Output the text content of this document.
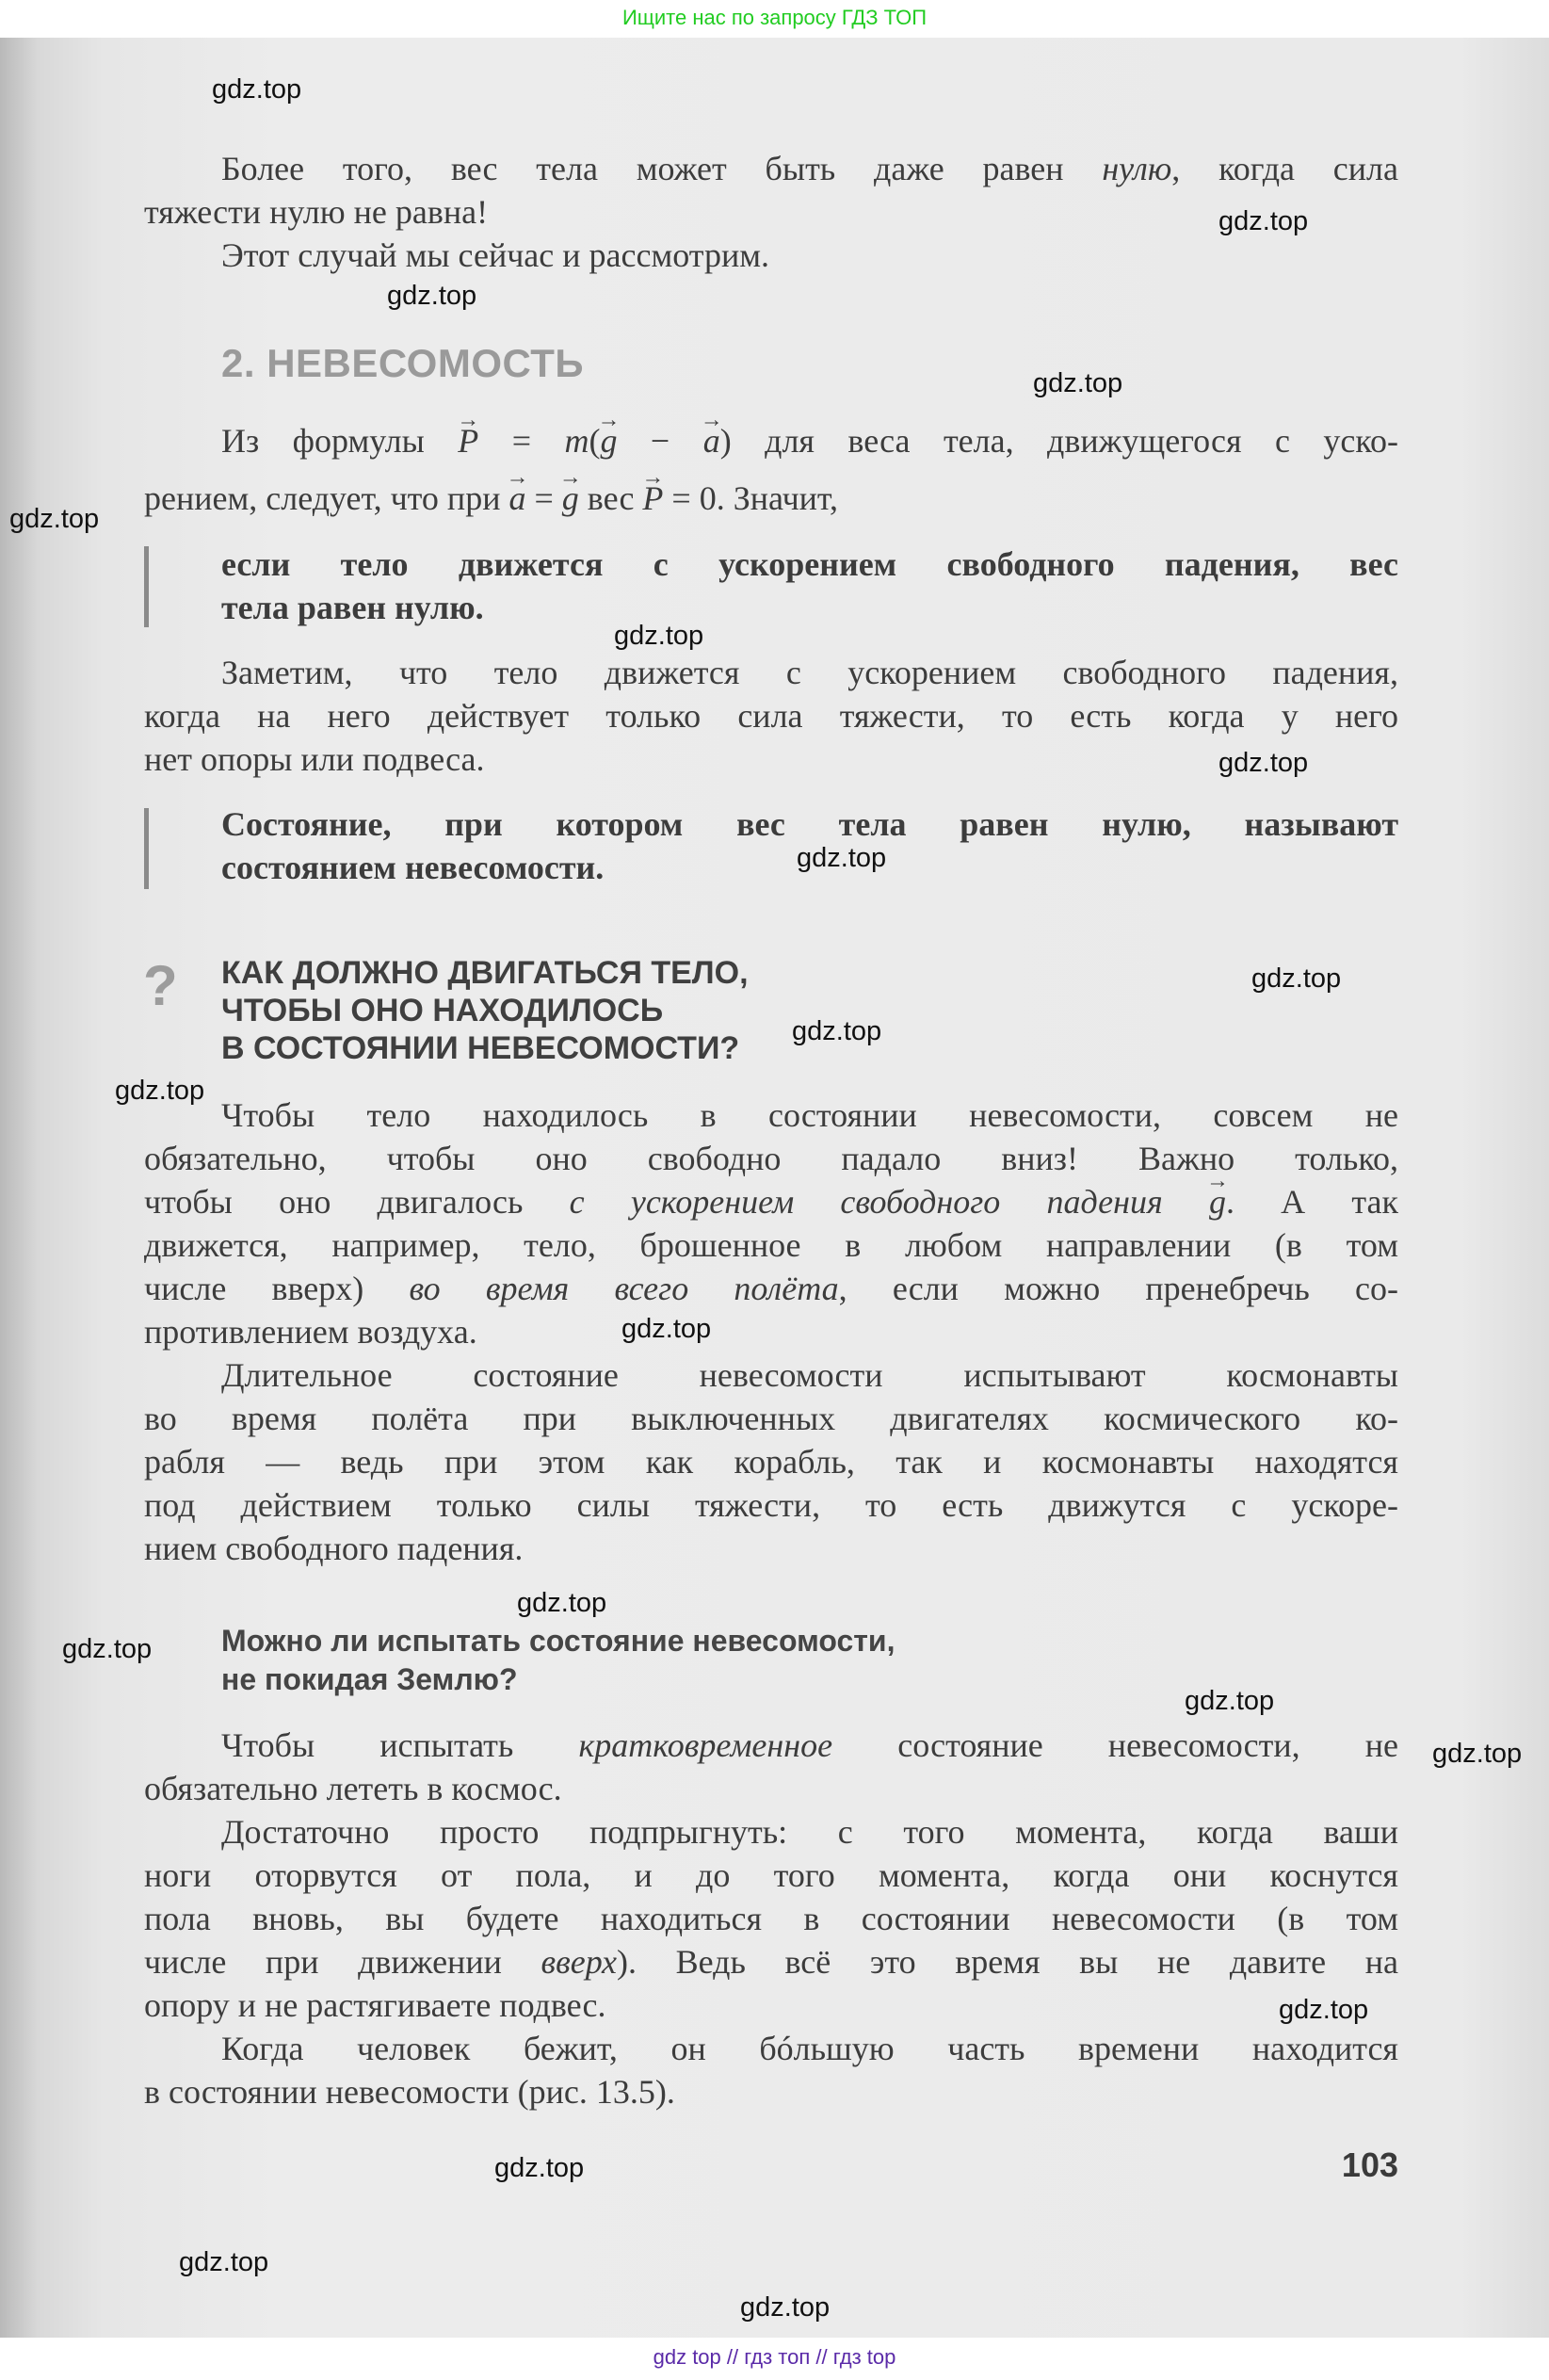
Ищите нас по запросу ГДЗ ТОП
Более того, вес тела может быть даже равен нулю, когда сила
тяжести нулю не равна!
Этот случай мы сейчас и рассмотрим.
2. НЕВЕСОМОСТЬ
Из формулы → P = m(→ g − → a) для веса тела, движущегося с уско-
рением, следует, что при → a = → g вес → P = 0. Значит,
если тело движется с ускорением свободного падения, вес
тела равен нулю.
Заметим, что тело движется с ускорением свободного падения,
когда на него действует только сила тяжести, то есть когда у него
нет опоры или подвеса.
Состояние, при котором вес тела равен нулю, называют
состоянием невесомости.
? КАК ДОЛЖНО ДВИГАТЬСЯ ТЕЛО,
ЧТОБЫ ОНО НАХОДИЛОСЬ
В СОСТОЯНИИ НЕВЕСОМОСТИ?
Чтобы тело находилось в состоянии невесомости, совсем не
обязательно, чтобы оно свободно падало вниз! Важно только,
чтобы оно двигалось с ускорением свободного падения → g. А так
движется, например, тело, брошенное в любом направлении (в том
числе вверх) во время всего полёта, если можно пренебречь со-
противлением воздуха.
Длительное состояние невесомости испытывают космонавты
во время полёта при выключенных двигателях космического ко-
рабля — ведь при этом как корабль, так и космонавты находятся
под действием только силы тяжести, то есть движутся с ускоре-
нием свободного падения.
Можно ли испытать состояние невесомости,
не покидая Землю?
Чтобы испытать кратковременное состояние невесомости, не
обязательно лететь в космос.
Достаточно просто подпрыгнуть: с того момента, когда ваши
ноги оторвутся от пола, и до того момента, когда они коснутся
пола вновь, вы будете находиться в состоянии невесомости (в том
числе при движении вверх). Ведь всё это время вы не давите на
опору и не растягиваете подвес.
Когда человек бежит, он бóльшую часть времени находится
в состоянии невесомости (рис. 13.5).
103
gdz.top
gdz.top
gdz.top
gdz.top
gdz.top
gdz.top
gdz.top
gdz.top
gdz.top
gdz.top
gdz.top
gdz.top
gdz.top
gdz.top
gdz.top
gdz.top
gdz.top
gdz.top
gdz.top
gdz.top
gdz top // гдз топ // гдз top
